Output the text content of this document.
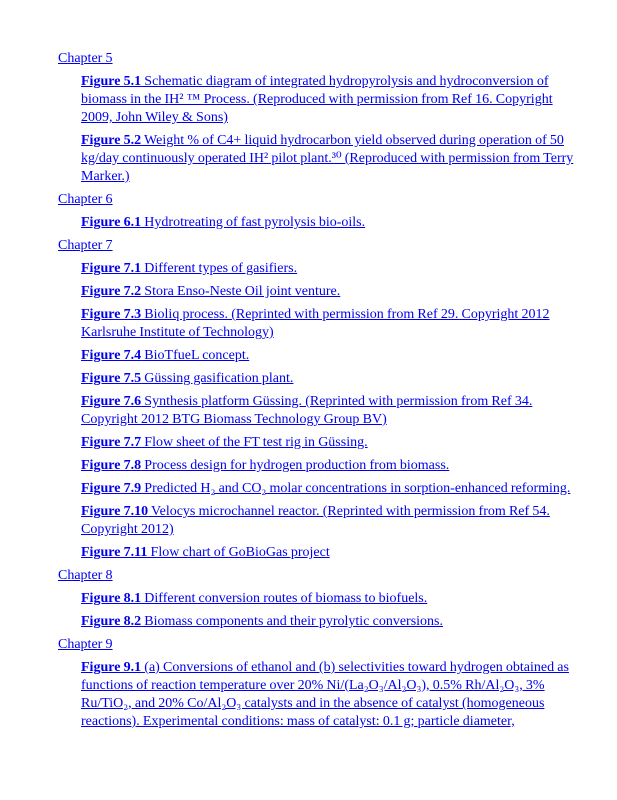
Chapter 5
Figure 5.1 Schematic diagram of integrated hydropyrolysis and hydroconversion of biomass in the IH² ™ Process. (Reproduced with permission from Ref 16. Copyright 2009, John Wiley & Sons)
Figure 5.2 Weight % of C4+ liquid hydrocarbon yield observed during operation of 50 kg/day continuously operated IH² pilot plant.³⁰ (Reproduced with permission from Terry Marker.)
Chapter 6
Figure 6.1 Hydrotreating of fast pyrolysis bio-oils.
Chapter 7
Figure 7.1 Different types of gasifiers.
Figure 7.2 Stora Enso-Neste Oil joint venture.
Figure 7.3 Bioliq process. (Reprinted with permission from Ref 29. Copyright 2012 Karlsruhe Institute of Technology)
Figure 7.4 BioTfueL concept.
Figure 7.5 Güssing gasification plant.
Figure 7.6 Synthesis platform Güssing. (Reprinted with permission from Ref 34. Copyright 2012 BTG Biomass Technology Group BV)
Figure 7.7 Flow sheet of the FT test rig in Güssing.
Figure 7.8 Process design for hydrogen production from biomass.
Figure 7.9 Predicted H₂ and CO₂ molar concentrations in sorption-enhanced reforming.
Figure 7.10 Velocys microchannel reactor. (Reprinted with permission from Ref 54. Copyright 2012)
Figure 7.11 Flow chart of GoBioGas project
Chapter 8
Figure 8.1 Different conversion routes of biomass to biofuels.
Figure 8.2 Biomass components and their pyrolytic conversions.
Chapter 9
Figure 9.1 (a) Conversions of ethanol and (b) selectivities toward hydrogen obtained as functions of reaction temperature over 20% Ni/(La₂O₃/Al₂O₃), 0.5% Rh/Al₂O₃, 3% Ru/TiO₂, and 20% Co/Al₂O₃ catalysts and in the absence of catalyst (homogeneous reactions). Experimental conditions: mass of catalyst: 0.1 g; particle diameter,
